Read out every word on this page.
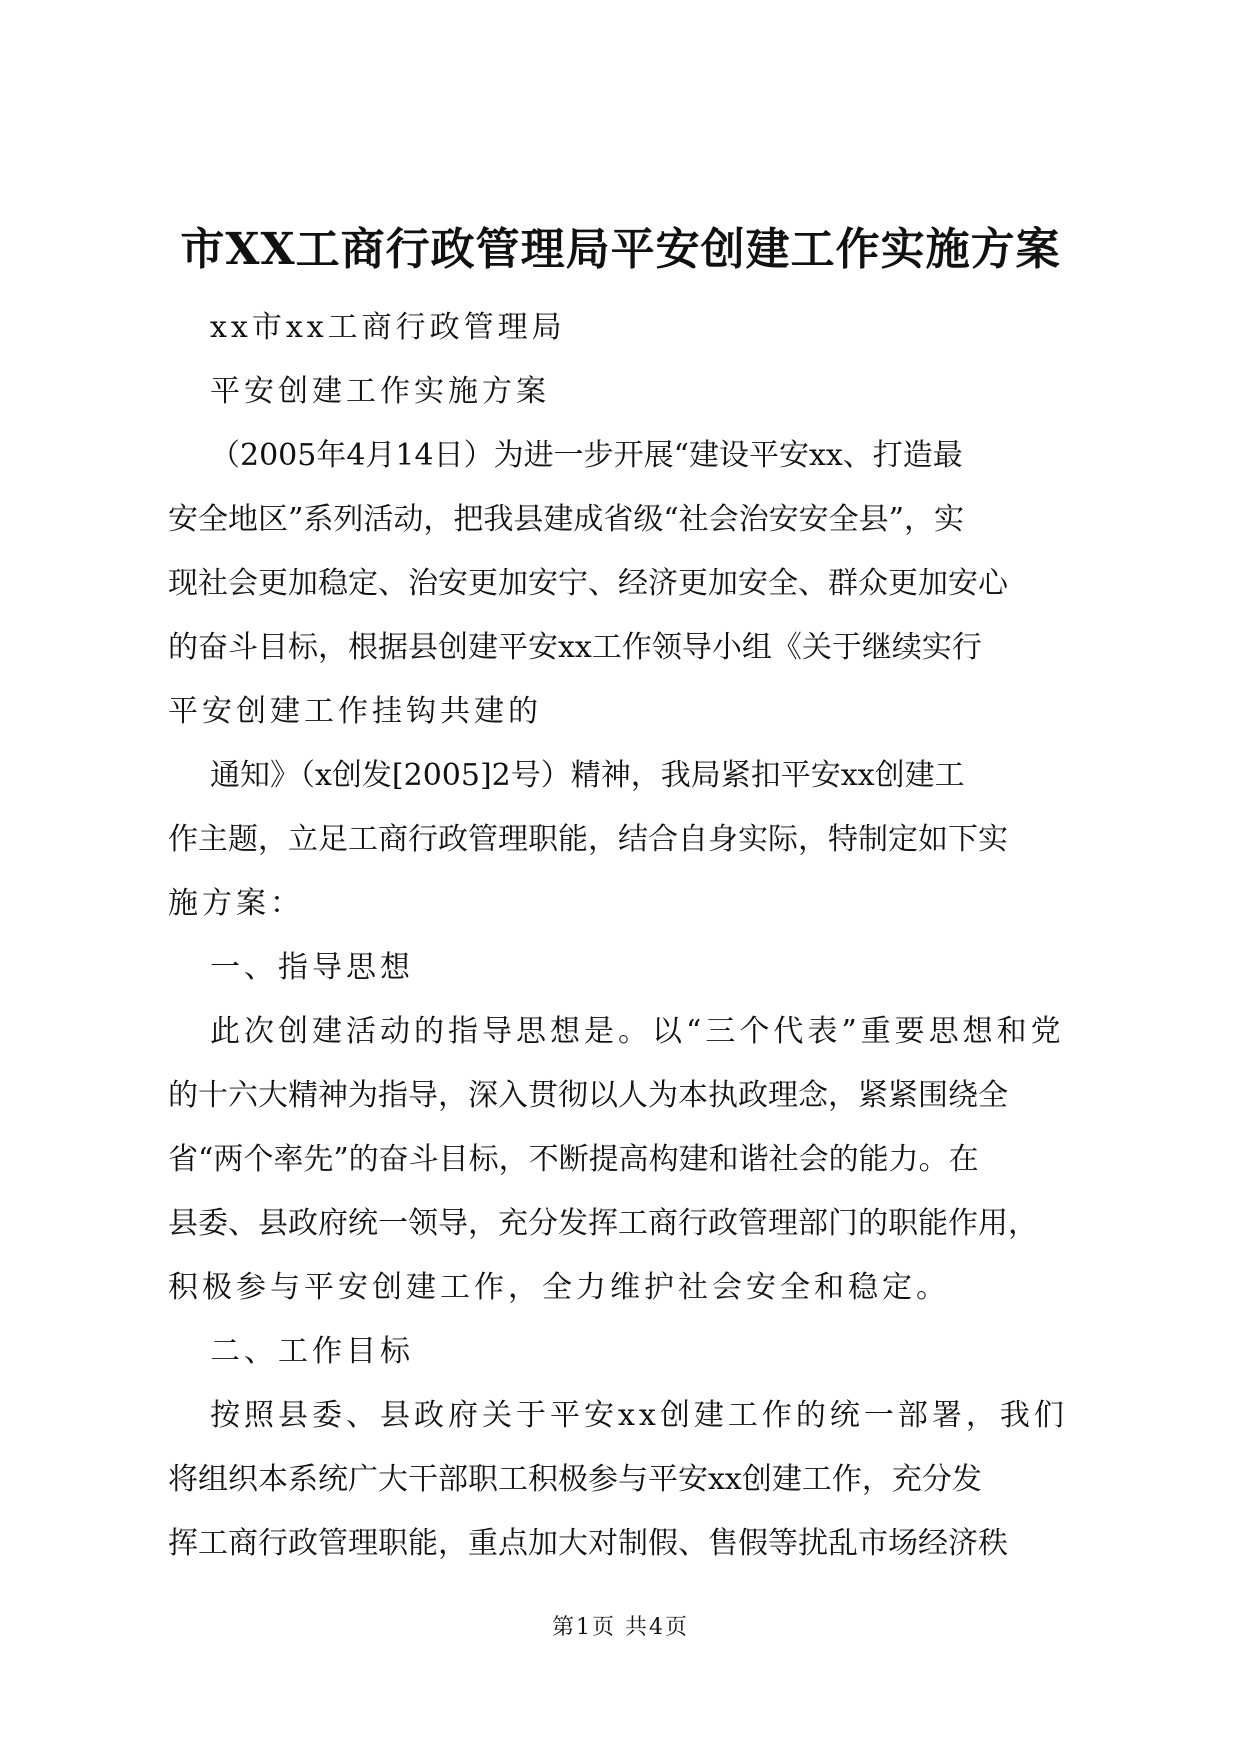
市XX工商行政管理局平安创建工作实施方案
xx市xx工商行政管理局
平安创建工作实施方案
（2005年4月14日）为进一步开展“建设平安xx、打造最
安全地区”系列活动，把我县建成省级“社会治安安全县”，实
现社会更加稳定、治安更加安宁、经济更加安全、群众更加安心
的奋斗目标，根据县创建平安xx工作领导小组《关于继续实行
平安创建工作挂钩共建的
通知》（x创发[2005]2号）精神，我局紧扣平安xx创建工
作主题，立足工商行政管理职能，结合自身实际，特制定如下实
施方案：
一、指导思想
此次创建活动的指导思想是。以“三个代表”重要思想和党
的十六大精神为指导，深入贯彻以人为本执政理念，紧紧围绕全
省“两个率先”的奋斗目标，不断提高构建和谐社会的能力。在
县委、县政府统一领导，充分发挥工商行政管理部门的职能作用，
积极参与平安创建工作，全力维护社会安全和稳定。
二、工作目标
按照县委、县政府关于平安xx创建工作的统一部署，我们
将组织本系统广大干部职工积极参与平安xx创建工作，充分发
挥工商行政管理职能，重点加大对制假、售假等扰乱市场经济秩
第1页 共4页
